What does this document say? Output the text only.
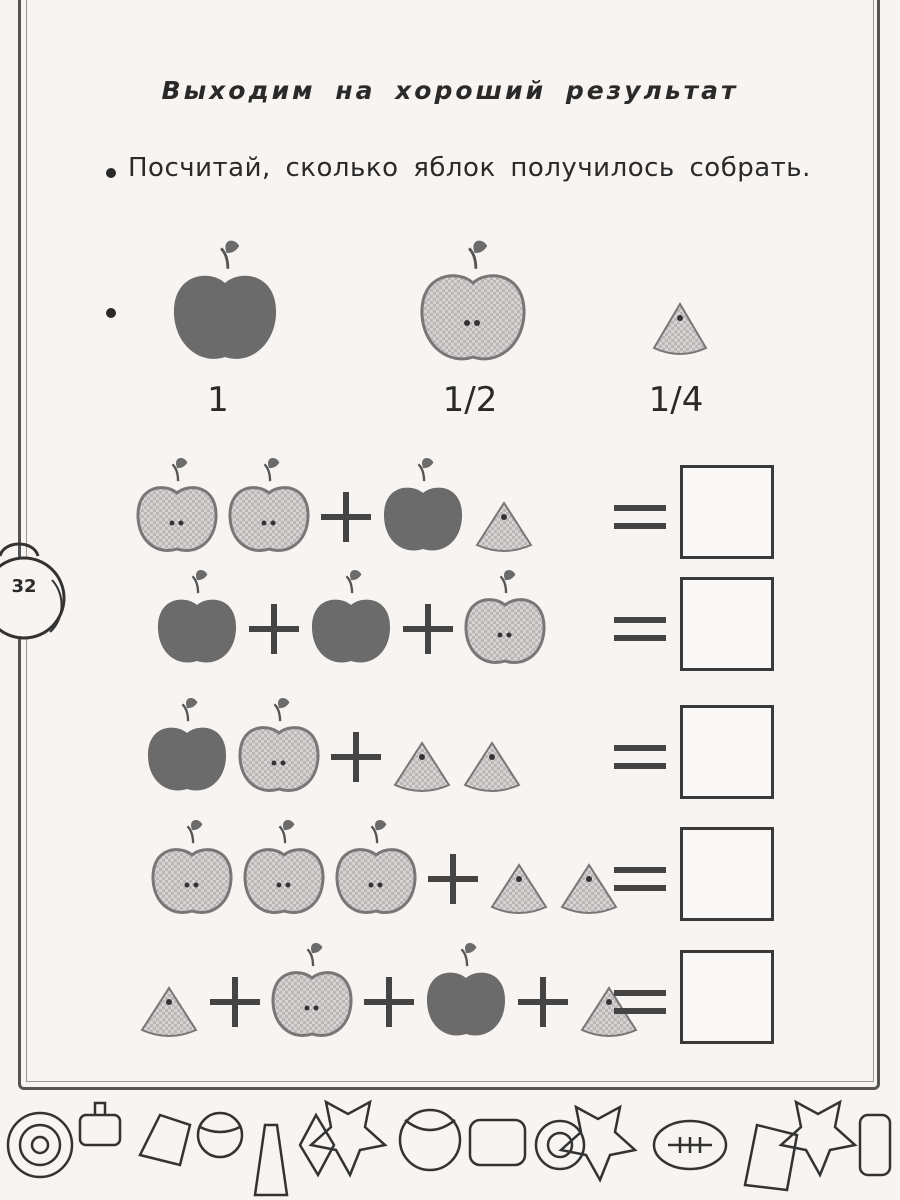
Выходим на хороший результат
Посчитай, сколько яблок получилось собрать.
1	1/2	1/4
32
